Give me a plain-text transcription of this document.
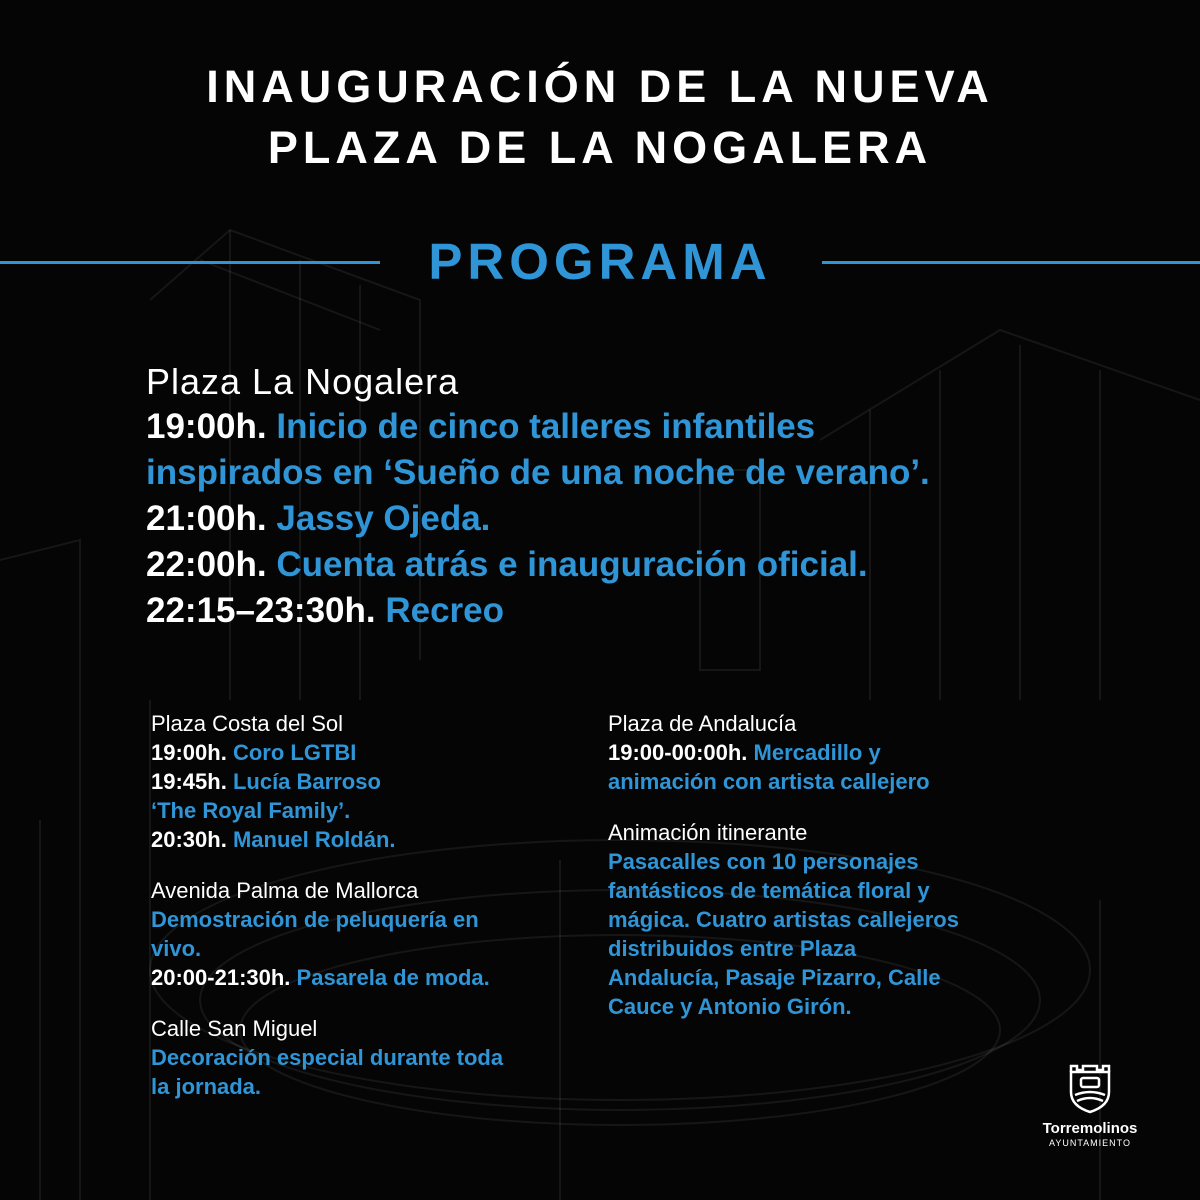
INAUGURACIÓN DE LA NUEVA
PLAZA DE LA NOGALERA
PROGRAMA
Plaza La Nogalera
19:00h. Inicio de cinco talleres infantiles
inspirados en ‘Sueño de una noche de verano’.
21:00h. Jassy Ojeda.
22:00h. Cuenta atrás e inauguración oficial.
22:15–23:30h. Recreo
Plaza Costa del Sol
19:00h. Coro LGTBI
19:45h. Lucía Barroso
‘The Royal Family’.
20:30h. Manuel Roldán.
Avenida Palma de Mallorca
Demostración de peluquería en
vivo.
20:00-21:30h. Pasarela de moda.
Calle San Miguel
Decoración especial durante toda
la jornada.
Plaza de Andalucía
19:00-00:00h. Mercadillo y
animación con artista callejero
Animación itinerante
Pasacalles con 10 personajes
fantásticos de temática floral y
mágica. Cuatro artistas callejeros
distribuidos entre Plaza
Andalucía, Pasaje Pizarro, Calle
Cauce y Antonio Girón.
Torremolinos
AYUNTAMIENTO
